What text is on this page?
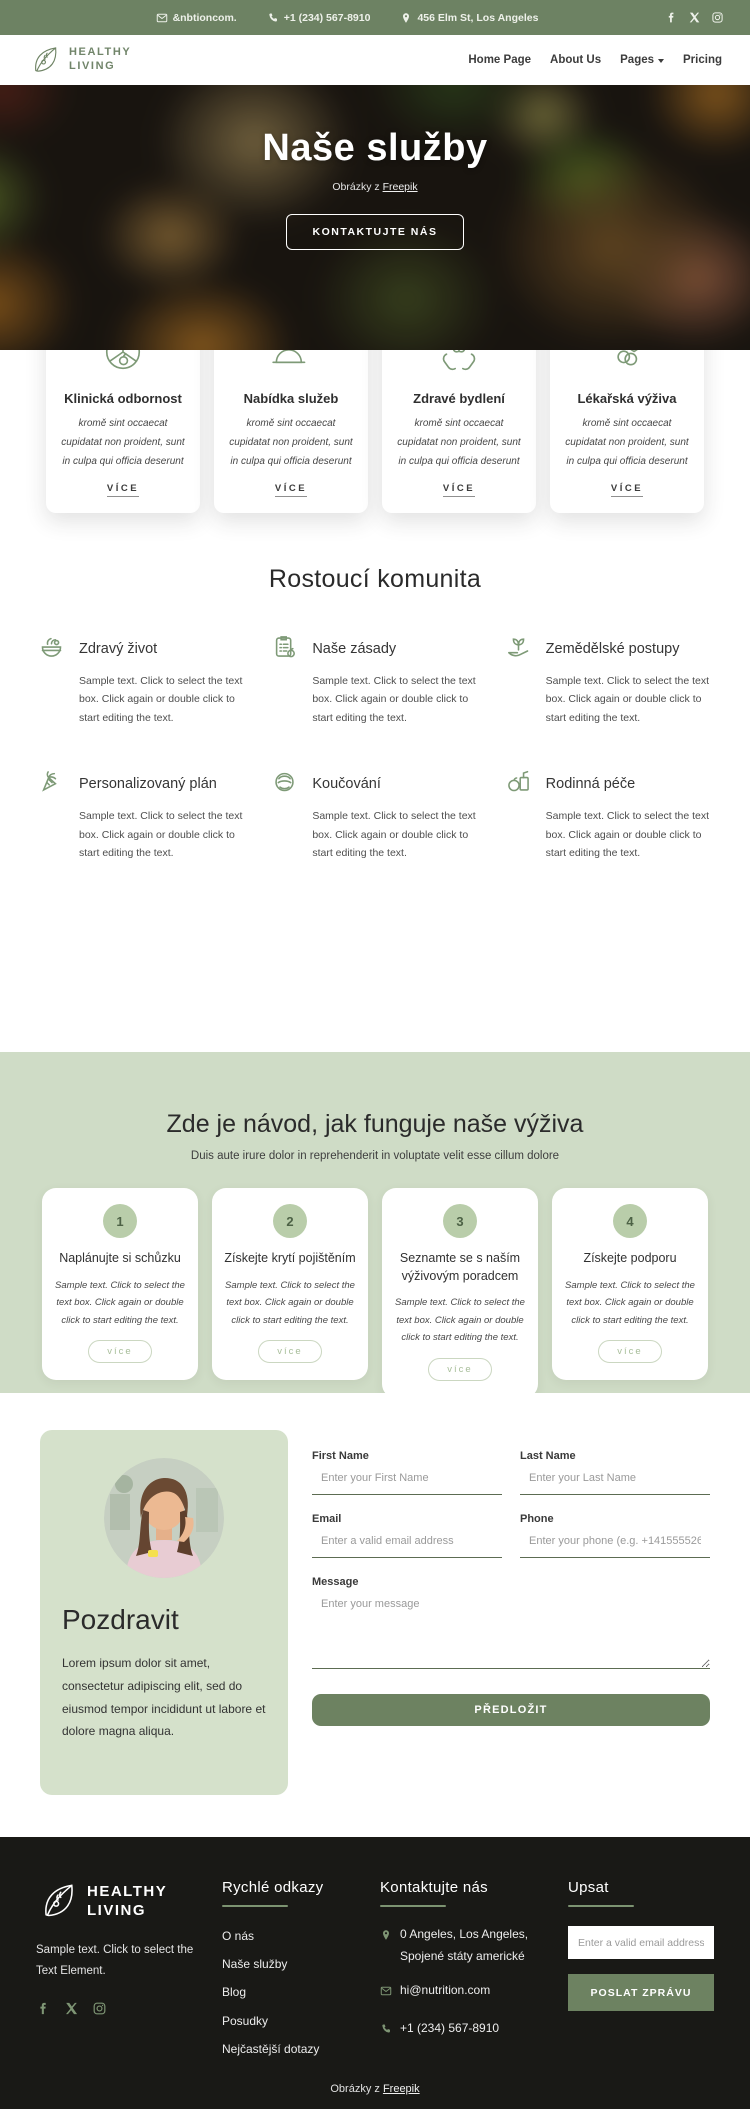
&nbtioncom.	+1 (234) 567-8910	456 Elm St, Los Angeles
HEALTHY
LIVING	Home Page About Us Pages	Pricing
Naše služby
Obrázky z Freepik
KONTAKTUJTE NÁS
Klinická odbornost

kromě sint occaecat cupidatat non proident, sunt in culpa qui officia deserunt

VÍCE
Nabídka služeb

kromě sint occaecat cupidatat non proident, sunt in culpa qui officia deserunt

VÍCE
Zdravé bydlení

kromě sint occaecat cupidatat non proident, sunt in culpa qui officia deserunt

VÍCE
Lékařská výživa

kromě sint occaecat cupidatat non proident, sunt in culpa qui officia deserunt

VÍCE
Rostoucí komunita
Zdravý život

Sample text. Click to select the text box. Click again or double click to start editing the text.

Naše zásady

Sample text. Click to select the text box. Click again or double click to start editing the text.

Zemědělské postupy

Sample text. Click to select the text box. Click again or double click to start editing the text.

Personalizovaný plán

Sample text. Click to select the text box. Click again or double click to start editing the text.

Koučování

Sample text. Click to select the text box. Click again or double click to start editing the text.

Rodinná péče

Sample text. Click to select the text box. Click again or double click to start editing the text.

Zde je návod, jak funguje naše výživa

Duis aute irure dolor in reprehenderit in voluptate velit esse cillum dolore

1
Naplánujte si schůzku

Sample text. Click to select the text box. Click again or double click to start editing the text.

více
2
Získejte krytí pojištěním

Sample text. Click to select the text box. Click again or double click to start editing the text.

více
3
Seznamte se s naším výživovým poradcem

Sample text. Click to select the text box. Click again or double click to start editing the text.

více
4
Získejte podporu

Sample text. Click to select the text box. Click again or double click to start editing the text.

více
Pozdravit

Lorem ipsum dolor sit amet, consectetur adipiscing elit, sed do eiusmod tempor incididunt ut labore et dolore magna aliqua.

First Name
Enter your First Name	Last Name
Enter your Last Name
Email
Enter a valid email address	Phone
Enter your phone (e.g. +14155552675)
Message
Enter your message
PŘEDLOŽIT
HEALTHY
LIVING

Sample text. Click to select the Text Element.

Rychlé odkazy
O nás
Naše služby
Blog
Posudky
Nejčastější dotazy
Kontaktujte nás
0 Angeles, Los Angeles, Spojené státy americké
hi@nutrition.com
+1 (234) 567-8910
Upsat
Enter a valid email address POSLAT ZPRÁVU
Obrázky z Freepik
